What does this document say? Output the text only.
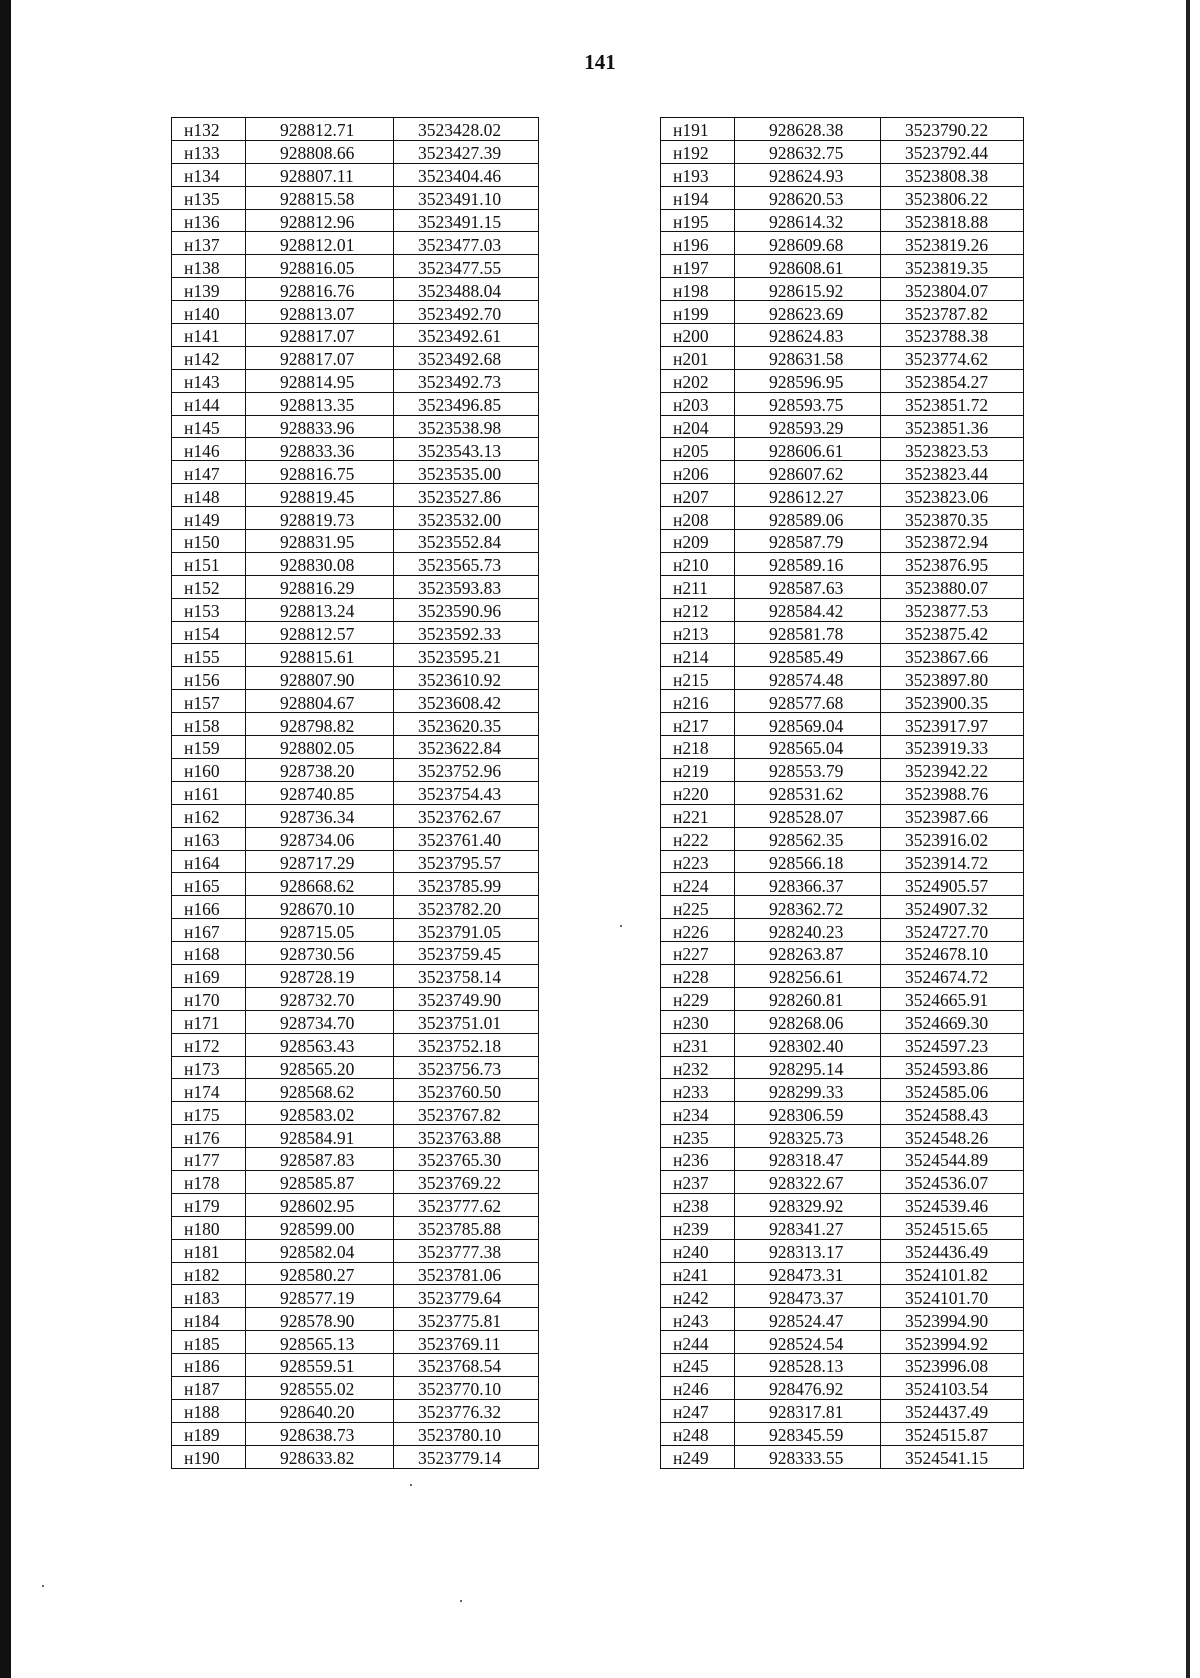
141
н132	928812.71	3523428.02
н133	928808.66	3523427.39
н134	928807.11	3523404.46
н135	928815.58	3523491.10
н136	928812.96	3523491.15
н137	928812.01	3523477.03
н138	928816.05	3523477.55
н139	928816.76	3523488.04
н140	928813.07	3523492.70
н141	928817.07	3523492.61
н142	928817.07	3523492.68
н143	928814.95	3523492.73
н144	928813.35	3523496.85
н145	928833.96	3523538.98
н146	928833.36	3523543.13
н147	928816.75	3523535.00
н148	928819.45	3523527.86
н149	928819.73	3523532.00
н150	928831.95	3523552.84
н151	928830.08	3523565.73
н152	928816.29	3523593.83
н153	928813.24	3523590.96
н154	928812.57	3523592.33
н155	928815.61	3523595.21
н156	928807.90	3523610.92
н157	928804.67	3523608.42
н158	928798.82	3523620.35
н159	928802.05	3523622.84
н160	928738.20	3523752.96
н161	928740.85	3523754.43
н162	928736.34	3523762.67
н163	928734.06	3523761.40
н164	928717.29	3523795.57
н165	928668.62	3523785.99
н166	928670.10	3523782.20
н167	928715.05	3523791.05
н168	928730.56	3523759.45
н169	928728.19	3523758.14
н170	928732.70	3523749.90
н171	928734.70	3523751.01
н172	928563.43	3523752.18
н173	928565.20	3523756.73
н174	928568.62	3523760.50
н175	928583.02	3523767.82
н176	928584.91	3523763.88
н177	928587.83	3523765.30
н178	928585.87	3523769.22
н179	928602.95	3523777.62
н180	928599.00	3523785.88
н181	928582.04	3523777.38
н182	928580.27	3523781.06
н183	928577.19	3523779.64
н184	928578.90	3523775.81
н185	928565.13	3523769.11
н186	928559.51	3523768.54
н187	928555.02	3523770.10
н188	928640.20	3523776.32
н189	928638.73	3523780.10
н190	928633.82	3523779.14
н191	928628.38	3523790.22
н192	928632.75	3523792.44
н193	928624.93	3523808.38
н194	928620.53	3523806.22
н195	928614.32	3523818.88
н196	928609.68	3523819.26
н197	928608.61	3523819.35
н198	928615.92	3523804.07
н199	928623.69	3523787.82
н200	928624.83	3523788.38
н201	928631.58	3523774.62
н202	928596.95	3523854.27
н203	928593.75	3523851.72
н204	928593.29	3523851.36
н205	928606.61	3523823.53
н206	928607.62	3523823.44
н207	928612.27	3523823.06
н208	928589.06	3523870.35
н209	928587.79	3523872.94
н210	928589.16	3523876.95
н211	928587.63	3523880.07
н212	928584.42	3523877.53
н213	928581.78	3523875.42
н214	928585.49	3523867.66
н215	928574.48	3523897.80
н216	928577.68	3523900.35
н217	928569.04	3523917.97
н218	928565.04	3523919.33
н219	928553.79	3523942.22
н220	928531.62	3523988.76
н221	928528.07	3523987.66
н222	928562.35	3523916.02
н223	928566.18	3523914.72
н224	928366.37	3524905.57
н225	928362.72	3524907.32
н226	928240.23	3524727.70
н227	928263.87	3524678.10
н228	928256.61	3524674.72
н229	928260.81	3524665.91
н230	928268.06	3524669.30
н231	928302.40	3524597.23
н232	928295.14	3524593.86
н233	928299.33	3524585.06
н234	928306.59	3524588.43
н235	928325.73	3524548.26
н236	928318.47	3524544.89
н237	928322.67	3524536.07
н238	928329.92	3524539.46
н239	928341.27	3524515.65
н240	928313.17	3524436.49
н241	928473.31	3524101.82
н242	928473.37	3524101.70
н243	928524.47	3523994.90
н244	928524.54	3523994.92
н245	928528.13	3523996.08
н246	928476.92	3524103.54
н247	928317.81	3524437.49
н248	928345.59	3524515.87
н249	928333.55	3524541.15
